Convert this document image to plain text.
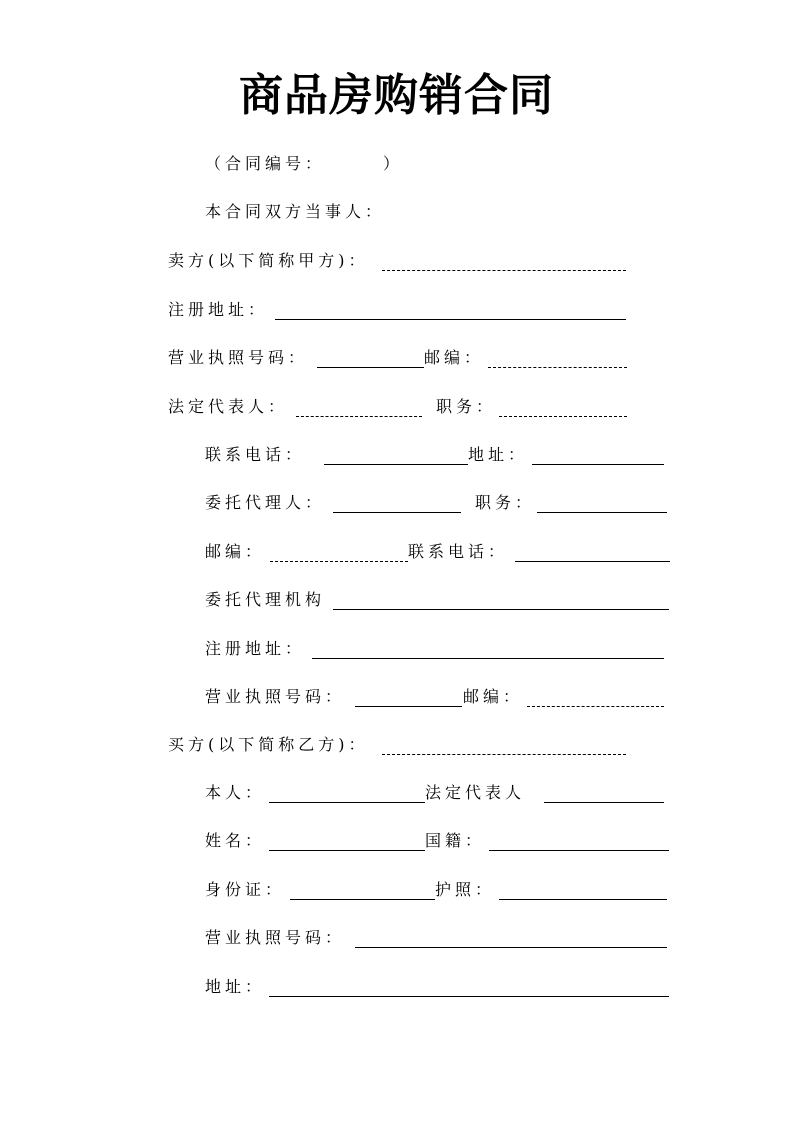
商品房购销合同
（合同编号：	）
本合同双方当事人：
卖方(以下简称甲方)：
注册地址：
营业执照号码：	邮编：
法定代表人：	职务：
联系电话：	地址：
委托代理人：	职务：
邮编：	联系电话：
委托代理机构
注册地址：
营业执照号码：	邮编：
买方(以下简称乙方)：
本人：	法定代表人
姓名：	国籍：
身份证：	护照：
营业执照号码：
地址：
